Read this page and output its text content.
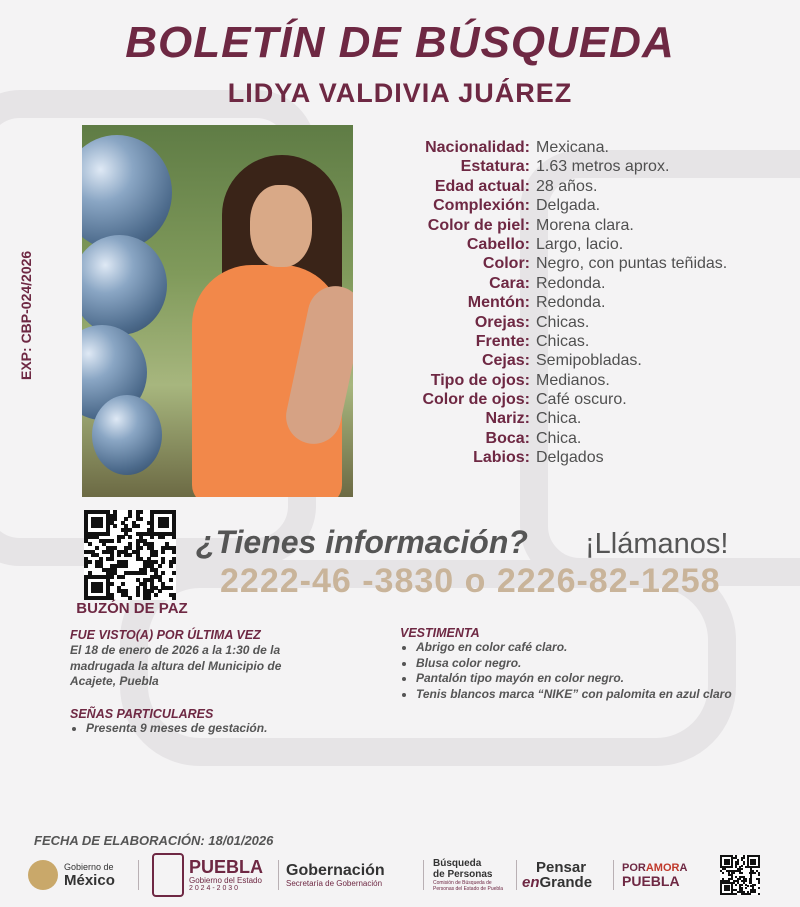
BOLETÍN DE BÚSQUEDA
LIDYA VALDIVIA JUÁREZ
EXP: CBP-024/2026
Nacionalidad: Mexicana.
Estatura: 1.63 metros aprox.
Edad actual: 28 años.
Complexión: Delgada.
Color de piel: Morena clara.
Cabello: Largo, lacio.
Color: Negro, con puntas teñidas.
Cara: Redonda.
Mentón: Redonda.
Orejas: Chicas.
Frente: Chicas.
Cejas: Semipobladas.
Tipo de ojos: Medianos.
Color de ojos: Café oscuro.
Nariz: Chica.
Boca: Chica.
Labios: Delgados
BUZÓN DE PAZ
¿Tienes información? ¡Llámanos!
2222-46 -3830 o 2226-82-1258
FUE VISTO(A) POR ÚLTIMA VEZ
El 18 de enero de 2026 a la 1:30 de la
madrugada la altura del Municipio de
Acajete, Puebla
SEÑAS PARTICULARES
• Presenta 9 meses de gestación.
VESTIMENTA
• Abrigo en color café claro.
• Blusa color negro.
• Pantalón tipo mayón en color negro.
• Tenis blancos marca “NIKE” con palomita en azul claro
FECHA DE ELABORACIÓN: 18/01/2026
Gobierno de
México
PUEBLA
Gobierno del Estado
2 0 2 4 - 2 0 3 0
Gobernación
Secretaría de Gobernación
Búsqueda
de Personas
Comisión de Búsqueda de Personas del Estado de Puebla
Pensar
enGrande
PORAMORA
PUEBLA
